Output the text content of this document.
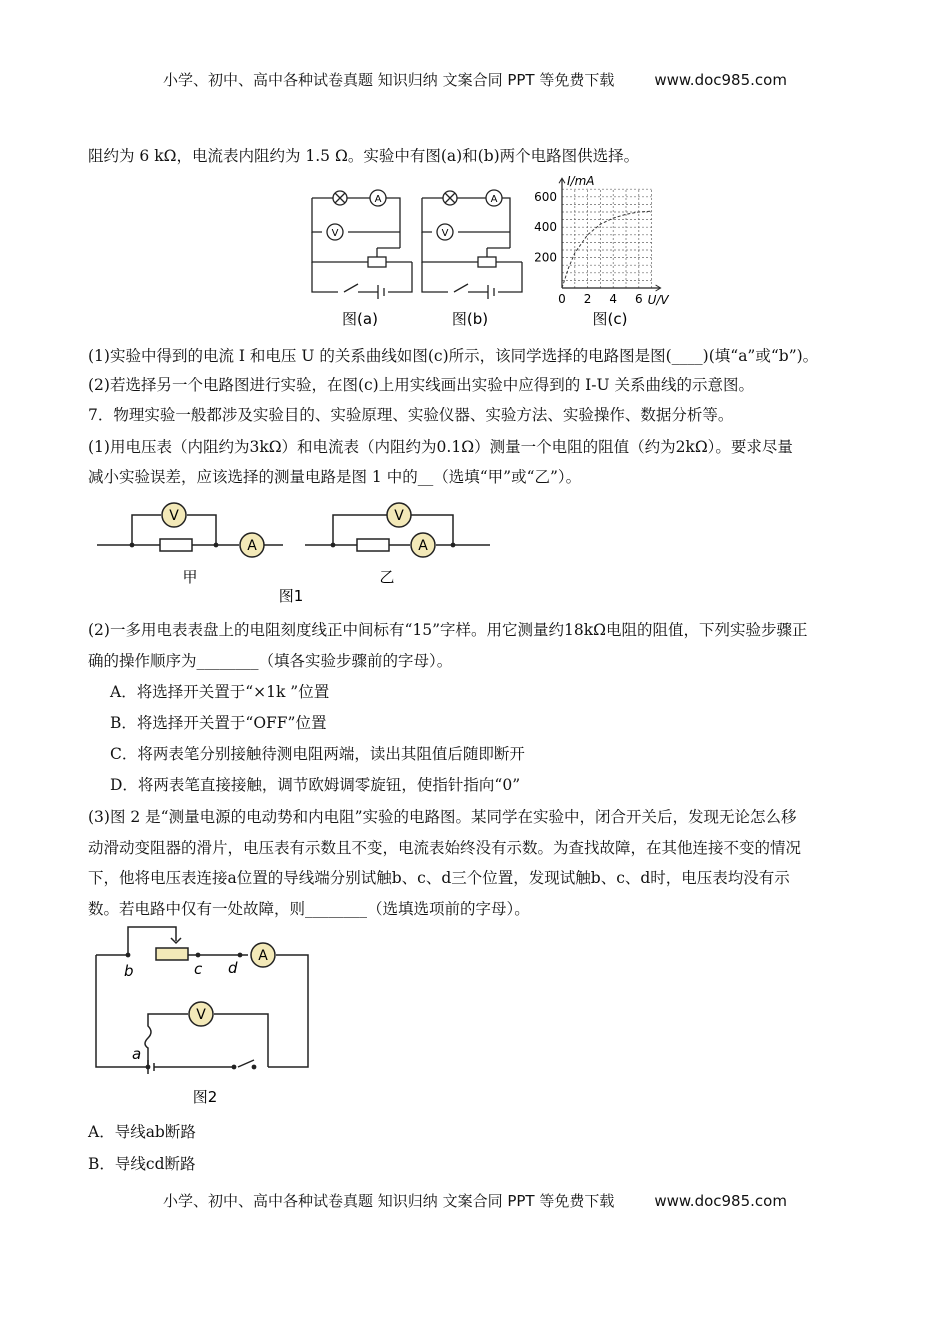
小学、初中、高中各种试卷真题 知识归纳 文案合同 PPT 等免费下载	www.doc985.com
阻约为 6 kΩ，电流表内阻约为 1.5 Ω。实验中有图(a)和(b)两个电路图供选择。
V
A
V
A	600
400
200
0 2 4 6
I/mA
U/V
图(a)	图(b)	图(c)
(1)实验中得到的电流 I 和电压 U 的关系曲线如图(c)所示，该同学选择的电路图是图(____)(填“a”或“b”)。
(2)若选择另一个电路图进行实验，在图(c)上用实线画出实验中应得到的 I-U 关系曲线的示意图。
7．物理实验一般都涉及实验目的、实验原理、实验仪器、实验方法、实验操作、数据分析等。
(1)用电压表（内阻约为3kΩ）和电流表（内阻约为0.1Ω）测量一个电阻的阻值（约为2kΩ）。要求尽量
减小实验误差，应该选择的测量电路是图 1 中的__（选填“甲”或“乙”）。
V
A
V
A
甲	乙
图1
(2)一多用电表表盘上的电阻刻度线正中间标有“15”字样。用它测量约18kΩ电阻的阻值，下列实验步骤正
确的操作顺序为________（填各实验步骤前的字母）。
A．将选择开关置于“×1k ”位置
B．将选择开关置于“OFF”位置
C．将两表笔分别接触待测电阻两端，读出其阻值后随即断开
D．将两表笔直接接触，调节欧姆调零旋钮，使指针指向“0”
(3)图 2 是“测量电源的电动势和内电阻”实验的电路图。某同学在实验中，闭合开关后，发现无论怎么移
动滑动变阻器的滑片，电压表有示数且不变，电流表始终没有示数。为查找故障，在其他连接不变的情况
下，他将电压表连接a位置的导线端分别试触b、c、d三个位置，发现试触b、c、d时，电压表均没有示
数。若电路中仅有一处故障，则________（选填选项前的字母）。
V
A
b	c d
a
图2
A．导线ab断路
B．导线cd断路
小学、初中、高中各种试卷真题 知识归纳 文案合同 PPT 等免费下载	www.doc985.com
